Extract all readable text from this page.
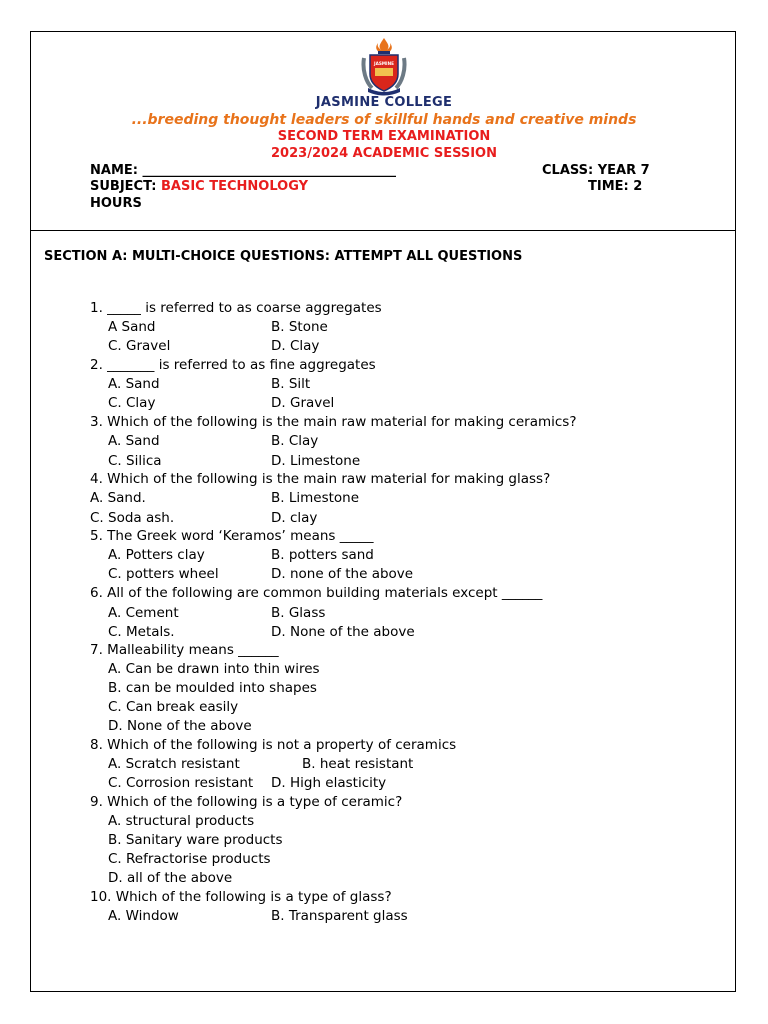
JASMINE
JASMINE COLLEGE
...breeding thought leaders of skillful hands and creative minds
SECOND TERM EXAMINATION
2023/2024 ACADEMIC SESSION
NAME: _______________________________________	CLASS: YEAR 7
SUBJECT: BASIC TECHNOLOGY	TIME: 2
HOURS
SECTION A: MULTI-CHOICE QUESTIONS: ATTEMPT ALL QUESTIONS
1. _____ is referred to as coarse aggregates
A Sand	B. Stone
C. Gravel	D. Clay
2. _______ is referred to as fine aggregates
A. Sand	B. Silt
C. Clay	D. Gravel
3. Which of the following is the main raw material for making ceramics?
A. Sand	B. Clay
C. Silica	D. Limestone
4. Which of the following is the main raw material for making glass?
A. Sand.	B. Limestone
C. Soda ash.	D. clay
5. The Greek word ‘Keramos’ means _____
A. Potters clay	B. potters sand
C. potters wheel	D. none of the above
6. All of the following are common building materials except ______
A. Cement	B. Glass
C. Metals.	D. None of the above
7. Malleability means ______
A. Can be drawn into thin wires
B. can be moulded into shapes
C. Can break easily
D. None of the above
8. Which of the following is not a property of ceramics
A. Scratch resistant	B. heat resistant
C. Corrosion resistant D. High elasticity
9. Which of the following is a type of ceramic?
A. structural products
B. Sanitary ware products
C. Refractorise products
D. all of the above
10. Which of the following is a type of glass?
A. Window	B. Transparent glass
